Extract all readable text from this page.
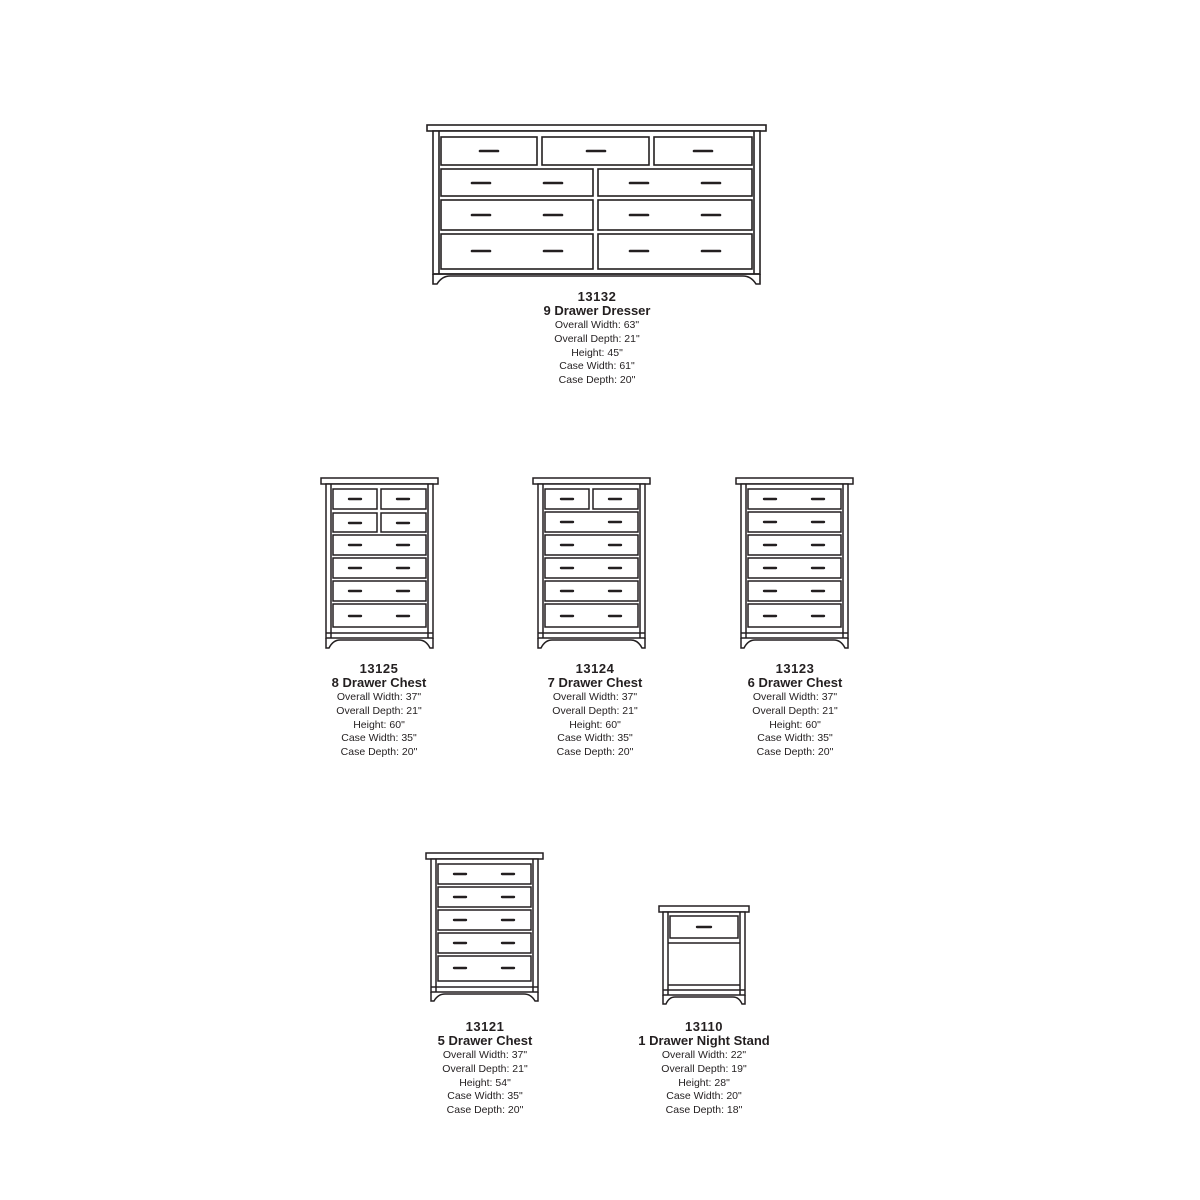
13132
9 Drawer Dresser
Overall Width: 63"
Overall Depth: 21"
Height: 45"
Case Width: 61"
Case Depth: 20"
13125
8 Drawer Chest
Overall Width: 37"
Overall Depth: 21"
Height: 60"
Case Width: 35"
Case Depth: 20"
13124
7 Drawer Chest
Overall Width: 37"
Overall Depth: 21"
Height: 60"
Case Width: 35"
Case Depth: 20"
13123
6 Drawer Chest
Overall Width: 37"
Overall Depth: 21"
Height: 60"
Case Width: 35"
Case Depth: 20"
13121
5 Drawer Chest
Overall Width: 37"
Overall Depth: 21"
Height: 54"
Case Width: 35"
Case Depth: 20"
13110
1 Drawer Night Stand
Overall Width: 22"
Overall Depth: 19"
Height: 28"
Case Width: 20"
Case Depth: 18"
